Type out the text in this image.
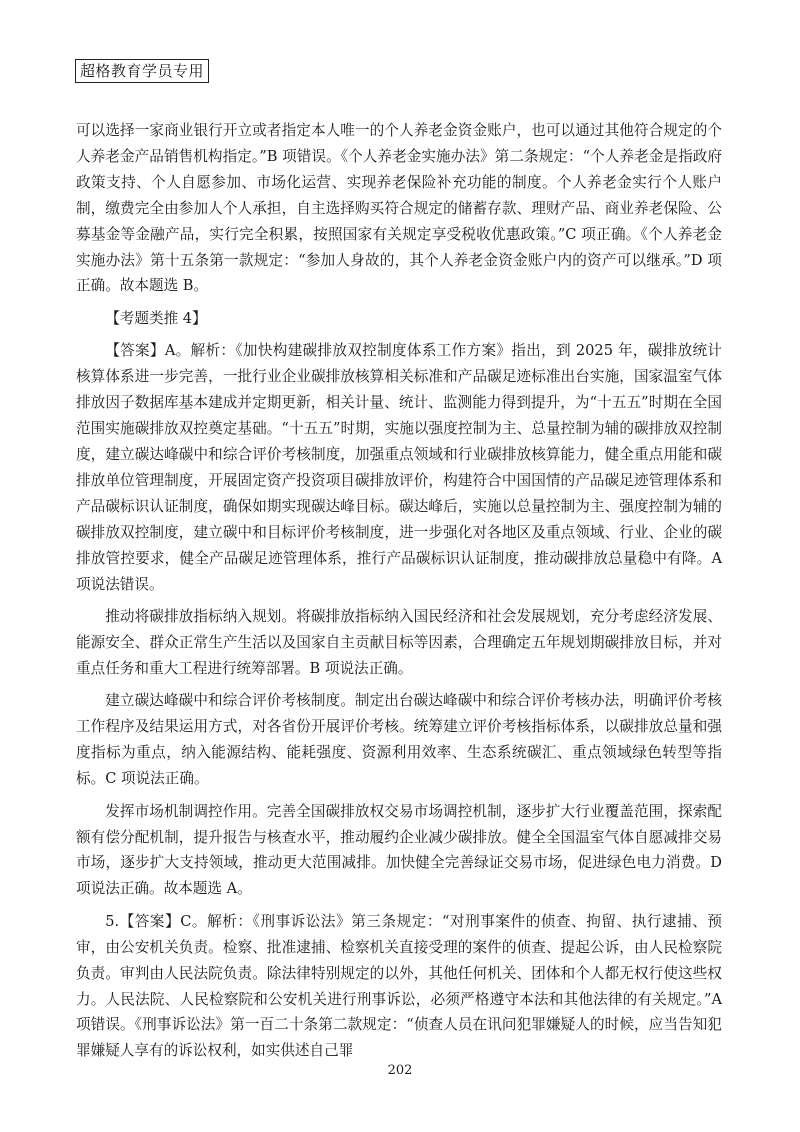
超格教育学员专用

可以选择一家商业银行开立或者指定本人唯一的个人养老金资金账户，也可以通过其他符合规定的个人养老金产品销售机构指定。”B 项错误。《个人养老金实施办法》第二条规定：“个人养老金是指政府政策支持、个人自愿参加、市场化运营、实现养老保险补充功能的制度。个人养老金实行个人账户制，缴费完全由参加人个人承担，自主选择购买符合规定的储蓄存款、理财产品、商业养老保险、公募基金等金融产品，实行完全积累，按照国家有关规定享受税收优惠政策。”C 项正确。《个人养老金实施办法》第十五条第一款规定：“参加人身故的，其个人养老金资金账户内的资产可以继承。”D 项正确。故本题选 B。

【考题类推 4】

【答案】A。解析：《加快构建碳排放双控制度体系工作方案》指出，到 2025 年，碳排放统计核算体系进一步完善，一批行业企业碳排放核算相关标准和产品碳足迹标准出台实施，国家温室气体排放因子数据库基本建成并定期更新，相关计量、统计、监测能力得到提升，为“十五五”时期在全国范围实施碳排放双控奠定基础。“十五五”时期，实施以强度控制为主、总量控制为辅的碳排放双控制度，建立碳达峰碳中和综合评价考核制度，加强重点领域和行业碳排放核算能力，健全重点用能和碳排放单位管理制度，开展固定资产投资项目碳排放评价，构建符合中国国情的产品碳足迹管理体系和产品碳标识认证制度，确保如期实现碳达峰目标。碳达峰后，实施以总量控制为主、强度控制为辅的碳排放双控制度，建立碳中和目标评价考核制度，进一步强化对各地区及重点领域、行业、企业的碳排放管控要求，健全产品碳足迹管理体系，推行产品碳标识认证制度，推动碳排放总量稳中有降。A 项说法错误。

推动将碳排放指标纳入规划。将碳排放指标纳入国民经济和社会发展规划，充分考虑经济发展、能源安全、群众正常生产生活以及国家自主贡献目标等因素，合理确定五年规划期碳排放目标，并对重点任务和重大工程进行统筹部署。B 项说法正确。

建立碳达峰碳中和综合评价考核制度。制定出台碳达峰碳中和综合评价考核办法，明确评价考核工作程序及结果运用方式，对各省份开展评价考核。统筹建立评价考核指标体系，以碳排放总量和强度指标为重点，纳入能源结构、能耗强度、资源利用效率、生态系统碳汇、重点领域绿色转型等指标。C 项说法正确。

发挥市场机制调控作用。完善全国碳排放权交易市场调控机制，逐步扩大行业覆盖范围，探索配额有偿分配机制，提升报告与核查水平，推动履约企业减少碳排放。健全全国温室气体自愿减排交易市场，逐步扩大支持领域，推动更大范围减排。加快健全完善绿证交易市场，促进绿色电力消费。D 项说法正确。故本题选 A。

5.【答案】C。解析：《刑事诉讼法》第三条规定：“对刑事案件的侦查、拘留、执行逮捕、预审，由公安机关负责。检察、批准逮捕、检察机关直接受理的案件的侦查、提起公诉，由人民检察院负责。审判由人民法院负责。除法律特别规定的以外，其他任何机关、团体和个人都无权行使这些权力。人民法院、人民检察院和公安机关进行刑事诉讼，必须严格遵守本法和其他法律的有关规定。”A 项错误。《刑事诉讼法》第一百二十条第二款规定：“侦查人员在讯问犯罪嫌疑人的时候，应当告知犯罪嫌疑人享有的诉讼权利，如实供述自己罪

202
